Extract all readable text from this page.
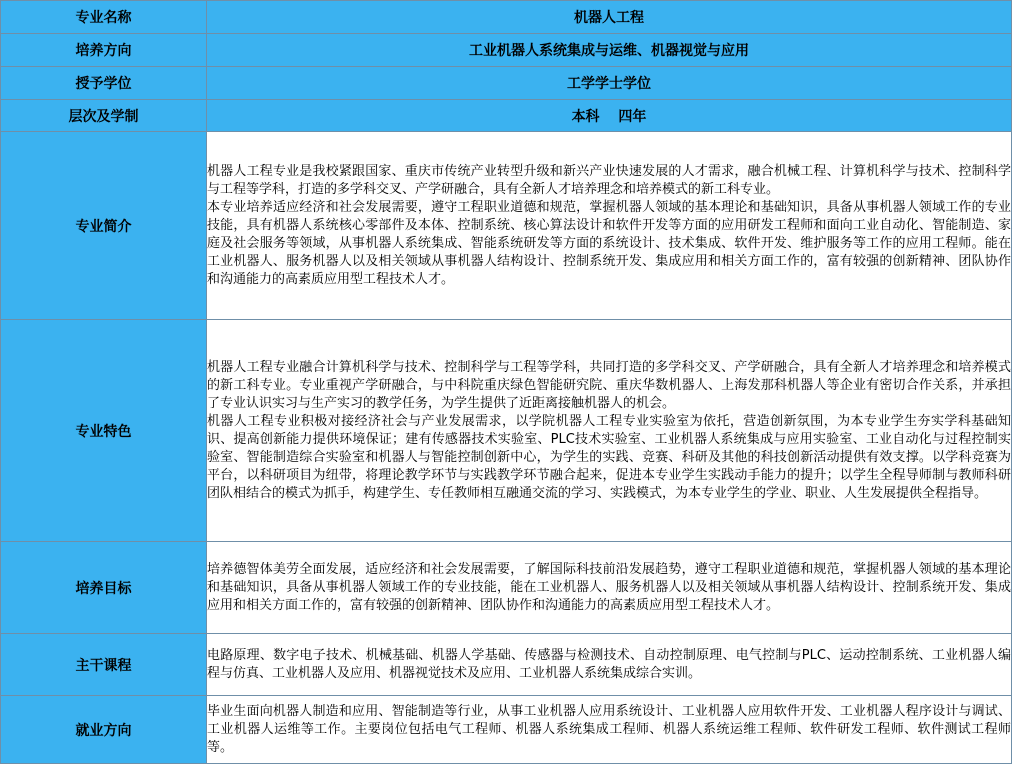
专业名称	机器人工程
培养方向	工业机器人系统集成与运维、机器视觉与应用
授予学位	工学学士学位
层次及学制	本科　 四年
专业简介	机器人工程专业是我校紧跟国家、重庆市传统产业转型升级和新兴产业快速发展的人才需求，融合机械工程、计算机科学与技术、控制科学与工程等学科，打造的多学科交叉、产学研融合，具有全新人才培养理念和培养模式的新工科专业。

本专业培养适应经济和社会发展需要，遵守工程职业道德和规范，掌握机器人领域的基本理论和基础知识，具备从事机器人领域工作的专业技能，具有机器人系统核心零部件及本体、控制系统、核心算法设计和软件开发等方面的应用研发工程师和面向工业自动化、智能制造、家庭及社会服务等领域，从事机器人系统集成、智能系统研发等方面的系统设计、技术集成、软件开发、维护服务等工作的应用工程师。能在工业机器人、服务机器人以及相关领域从事机器人结构设计、控制系统开发、集成应用和相关方面工作的，富有较强的创新精神、团队协作和沟通能力的高素质应用型工程技术人才。

专业特色	机器人工程专业融合计算机科学与技术、控制科学与工程等学科，共同打造的多学科交叉、产学研融合，具有全新人才培养理念和培养模式的新工科专业。专业重视产学研融合，与中科院重庆绿色智能研究院、重庆华数机器人、上海发那科机器人等企业有密切合作关系，并承担了专业认识实习与生产实习的教学任务，为学生提供了近距离接触机器人的机会。

机器人工程专业积极对接经济社会与产业发展需求，以学院机器人工程专业实验室为依托，营造创新氛围，为本专业学生夯实学科基础知识、提高创新能力提供环境保证；建有传感器技术实验室、PLC技术实验室、工业机器人系统集成与应用实验室、工业自动化与过程控制实验室、智能制造综合实验室和机器人与智能控制创新中心，为学生的实践、竞赛、科研及其他的科技创新活动提供有效支撑。以学科竞赛为平台，以科研项目为纽带，将理论教学环节与实践教学环节融合起来，促进本专业学生实践动手能力的提升；以学生全程导师制与教师科研团队相结合的模式为抓手，构建学生、专任教师相互融通交流的学习、实践模式，为本专业学生的学业、职业、人生发展提供全程指导。

培养目标	培养德智体美劳全面发展，适应经济和社会发展需要，了解国际科技前沿发展趋势，遵守工程职业道德和规范，掌握机器人领域的基本理论和基础知识，具备从事机器人领域工作的专业技能，能在工业机器人、服务机器人以及相关领域从事机器人结构设计、控制系统开发、集成应用和相关方面工作的，富有较强的创新精神、团队协作和沟通能力的高素质应用型工程技术人才。
主干课程	电路原理、数字电子技术、机械基础、机器人学基础、传感器与检测技术、自动控制原理、电气控制与PLC、运动控制系统、工业机器人编程与仿真、工业机器人及应用、机器视觉技术及应用、工业机器人系统集成综合实训。
就业方向	毕业生面向机器人制造和应用、智能制造等行业，从事工业机器人应用系统设计、工业机器人应用软件开发、工业机器人程序设计与调试、工业机器人运维等工作。主要岗位包括电气工程师、机器人系统集成工程师、机器人系统运维工程师、软件研发工程师、软件测试工程师等。
